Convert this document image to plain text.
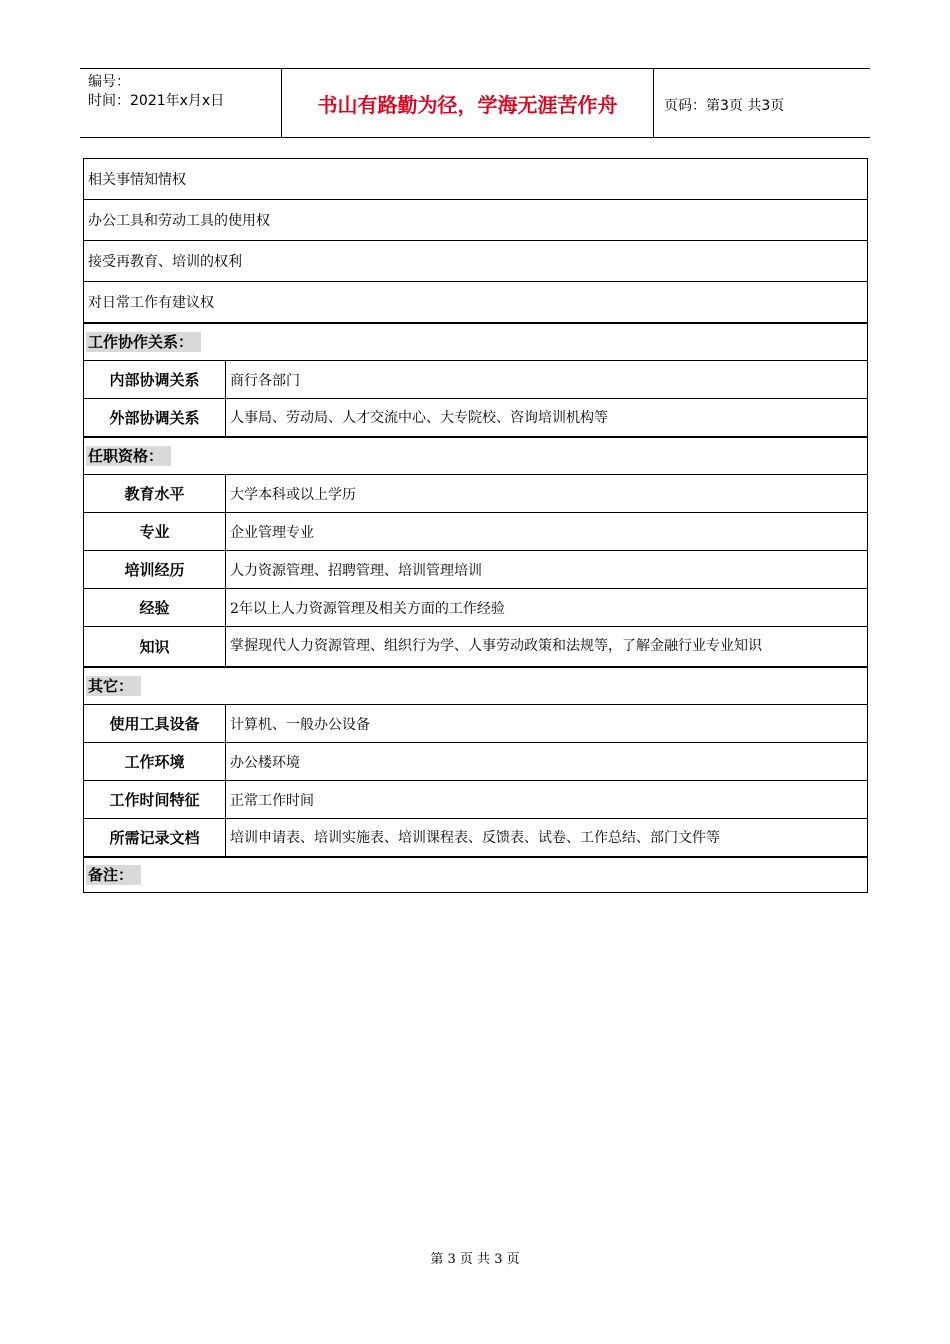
编号：
时间：2021年x月x日	书山有路勤为径，学海无涯苦作舟	页码：第3页 共3页
相关事情知情权	
办公工具和劳动工具的使用权	
接受再教育、培训的权利	
对日常工作有建议权	
工作协作关系：	
内部协调关系	商行各部门
外部协调关系	人事局、劳动局、人才交流中心、大专院校、咨询培训机构等
任职资格：	
教育水平	大学本科或以上学历
专业	企业管理专业
培训经历	人力资源管理、招聘管理、培训管理培训
经验	2年以上人力资源管理及相关方面的工作经验
知识	掌握现代人力资源管理、组织行为学、人事劳动政策和法规等，了解金融行业专业知识
其它：	
使用工具设备	计算机、一般办公设备
工作环境	办公楼环境
工作时间特征	正常工作时间
所需记录文档	培训申请表、培训实施表、培训课程表、反馈表、试卷、工作总结、部门文件等
备注：	
第 3 页 共 3 页
